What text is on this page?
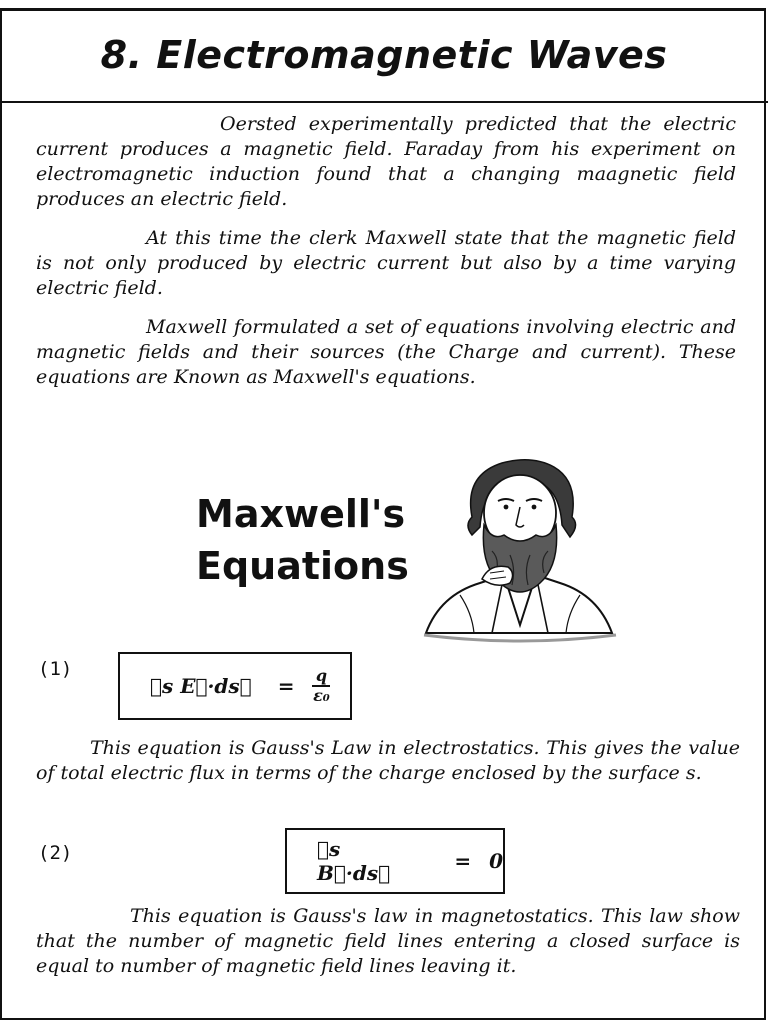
8. Electromagnetic Waves

Oersted experimentally predicted that the electric current produces a magnetic field. Faraday from his experiment on electromagnetic induction found that a changing maagnetic field produces an electric field.

At this time the clerk Maxwell state that the magnetic field is not only produced by electric current but also by a time varying electric field.

Maxwell formulated a set of equations involving electric and magnetic fields and their sources (the Charge and current). These equations are Known as Maxwell's equations.

Maxwell's
Equations
(1)
∮s E⃗·ds⃗ = $\frac{q}{\text{ε₀}}$

This equation is Gauss's Law in electrostatics. This gives the value of total electric flux in terms of the charge enclosed by the surface s.

(2)	∮s B⃗·ds⃗	= 0

This equation is Gauss's law in magnetostatics. This law show that the number of magnetic field lines entering a closed surface is equal to number of magnetic field lines leaving it.
